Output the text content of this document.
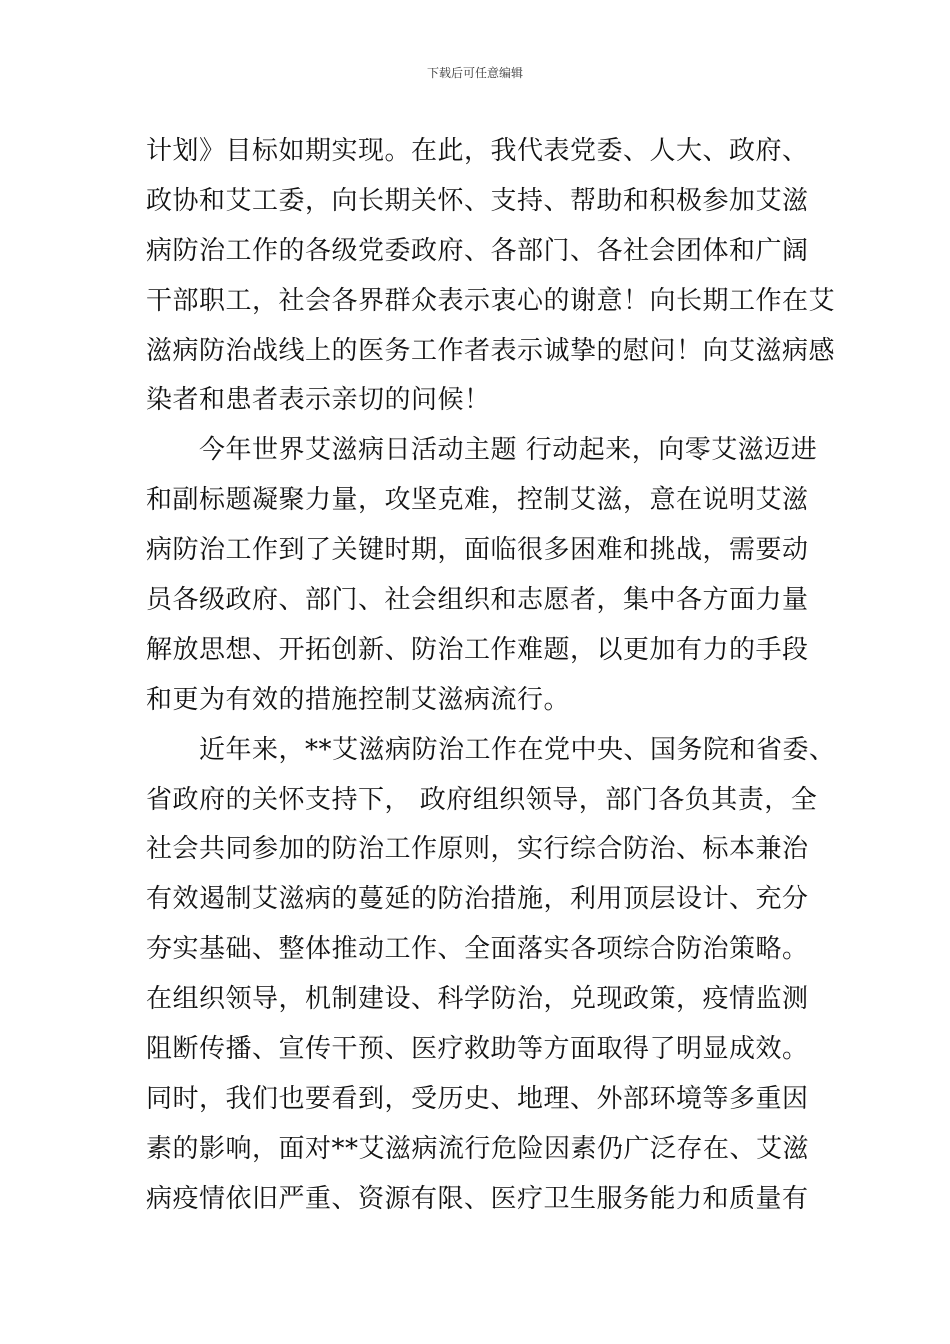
下载后可任意编辑
计划》目标如期实现。在此，我代表党委、人大、政府、
政协和艾工委，向长期关怀、支持、帮助和积极参加艾滋
病防治工作的各级党委政府、各部门、各社会团体和广阔
干部职工，社会各界群众表示衷心的谢意！向长期工作在艾
滋病防治战线上的医务工作者表示诚挚的慰问！向艾滋病感
染者和患者表示亲切的问候！
　　今年世界艾滋病日活动主题 行动起来，向零艾滋迈进
和副标题凝聚力量，攻坚克难，控制艾滋，意在说明艾滋
病防治工作到了关键时期，面临很多困难和挑战，需要动
员各级政府、部门、社会组织和志愿者，集中各方面力量
解放思想、开拓创新、防治工作难题，以更加有力的手段
和更为有效的措施控制艾滋病流行。
　　近年来，**艾滋病防治工作在党中央、国务院和省委、
省政府的关怀支持下， 政府组织领导，部门各负其责，全
社会共同参加的防治工作原则，实行综合防治、标本兼治
有效遏制艾滋病的蔓延的防治措施，利用顶层设计、充分
夯实基础、整体推动工作、全面落实各项综合防治策略。
在组织领导，机制建设、科学防治，兑现政策，疫情监测
阻断传播、宣传干预、医疗救助等方面取得了明显成效。
同时，我们也要看到，受历史、地理、外部环境等多重因
素的影响，面对**艾滋病流行危险因素仍广泛存在、艾滋
病疫情依旧严重、资源有限、医疗卫生服务能力和质量有
